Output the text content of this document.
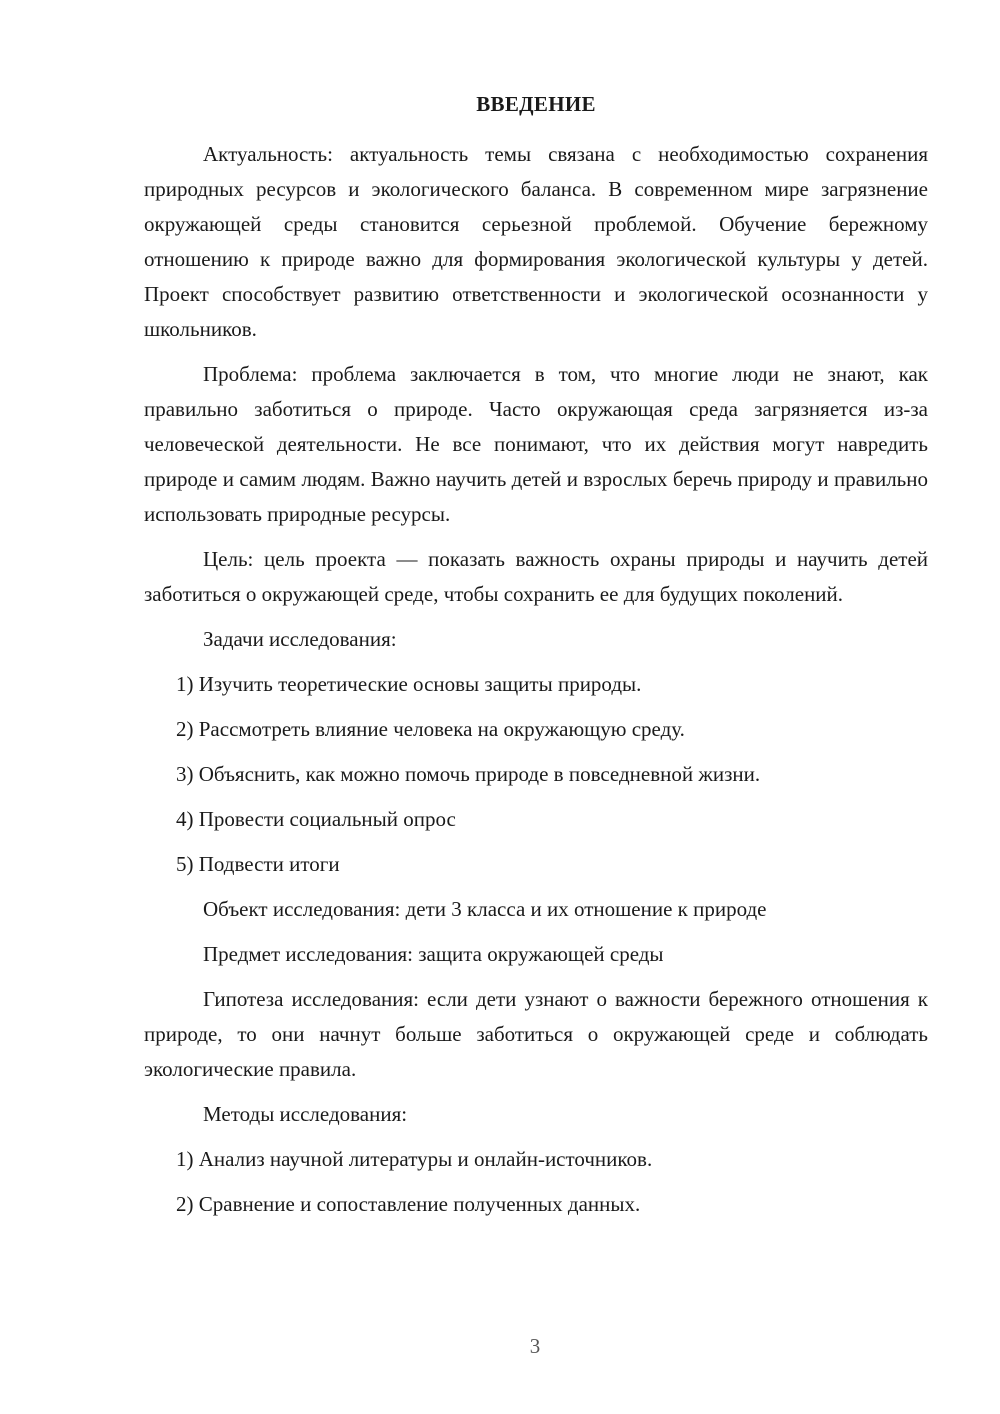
ВВЕДЕНИЕ

Актуальность: актуальность темы связана с необходимостью сохранения природных ресурсов и экологического баланса. В современном мире загрязнение окружающей среды становится серьезной проблемой. Обучение бережному отношению к природе важно для формирования экологической культуры у детей. Проект способствует развитию ответственности и экологической осознанности у школьников.

Проблема: проблема заключается в том, что многие люди не знают, как правильно заботиться о природе. Часто окружающая среда загрязняется из-за человеческой деятельности. Не все понимают, что их действия могут навредить природе и самим людям. Важно научить детей и взрослых беречь природу и правильно использовать природные ресурсы.

Цель: цель проекта — показать важность охраны природы и научить детей заботиться о окружающей среде, чтобы сохранить ее для будущих поколений.

Задачи исследования:

1) Изучить теоретические основы защиты природы.

2) Рассмотреть влияние человека на окружающую среду.

3) Объяснить, как можно помочь природе в повседневной жизни.

4) Провести социальный опрос

5) Подвести итоги

Объект исследования: дети 3 класса и их отношение к природе

Предмет исследования: защита окружающей среды

Гипотеза исследования: если дети узнают о важности бережного отношения к природе, то они начнут больше заботиться о окружающей среде и соблюдать экологические правила.

Методы исследования:

1) Анализ научной литературы и онлайн-источников.

2) Сравнение и сопоставление полученных данных.

3
